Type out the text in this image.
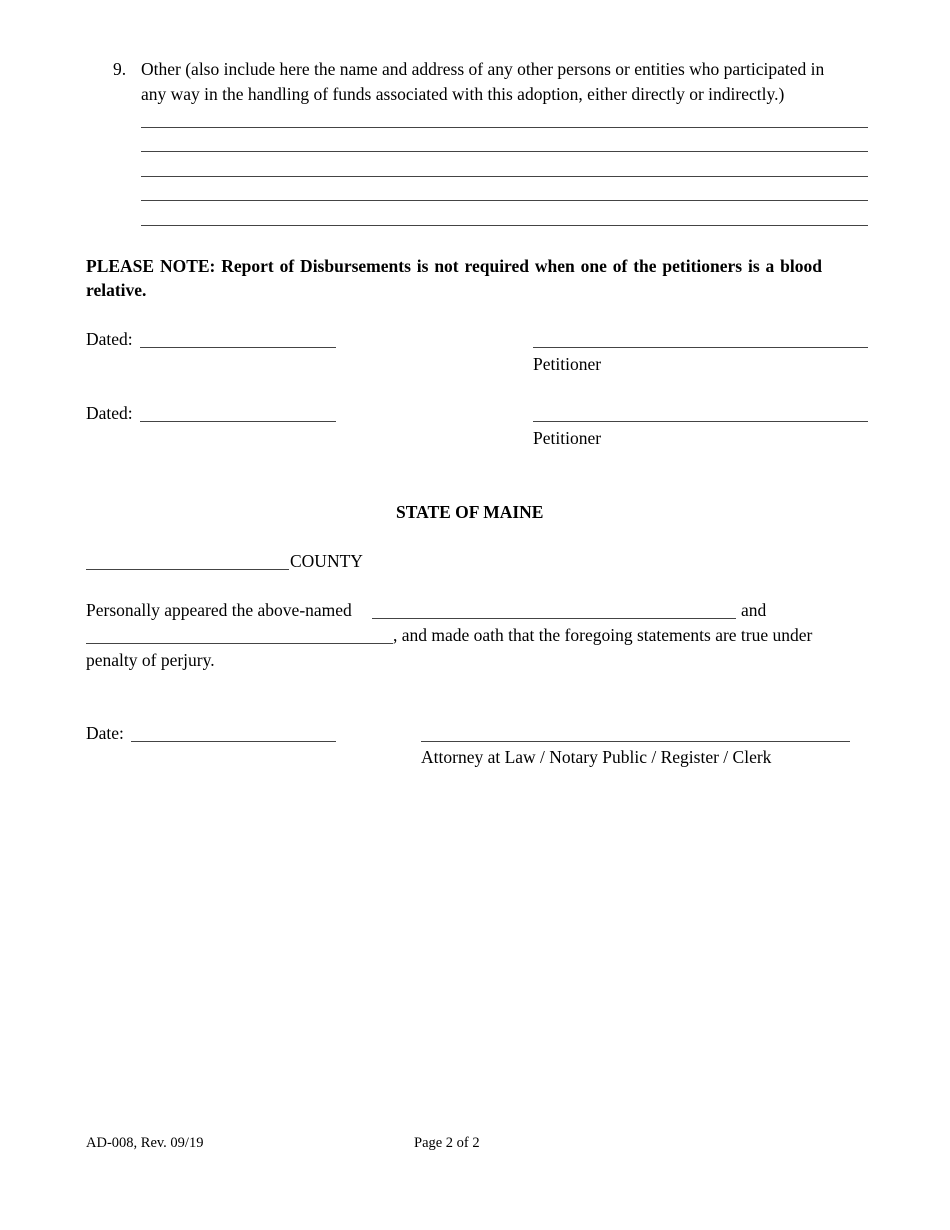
9. Other (also include here the name and address of any other persons or entities who participated in
any way in the handling of funds associated with this adoption, either directly or indirectly.)
PLEASE NOTE: Report of Disbursements is not required when one of the petitioners is a blood
relative.
Dated:
Petitioner
Dated:
Petitioner
STATE OF MAINE
COUNTY
Personally appeared the above-named	and
, and made oath that the foregoing statements are true under
penalty of perjury.
Date:
Attorney at Law / Notary Public / Register / Clerk
AD-008, Rev. 09/19	Page 2 of 2
